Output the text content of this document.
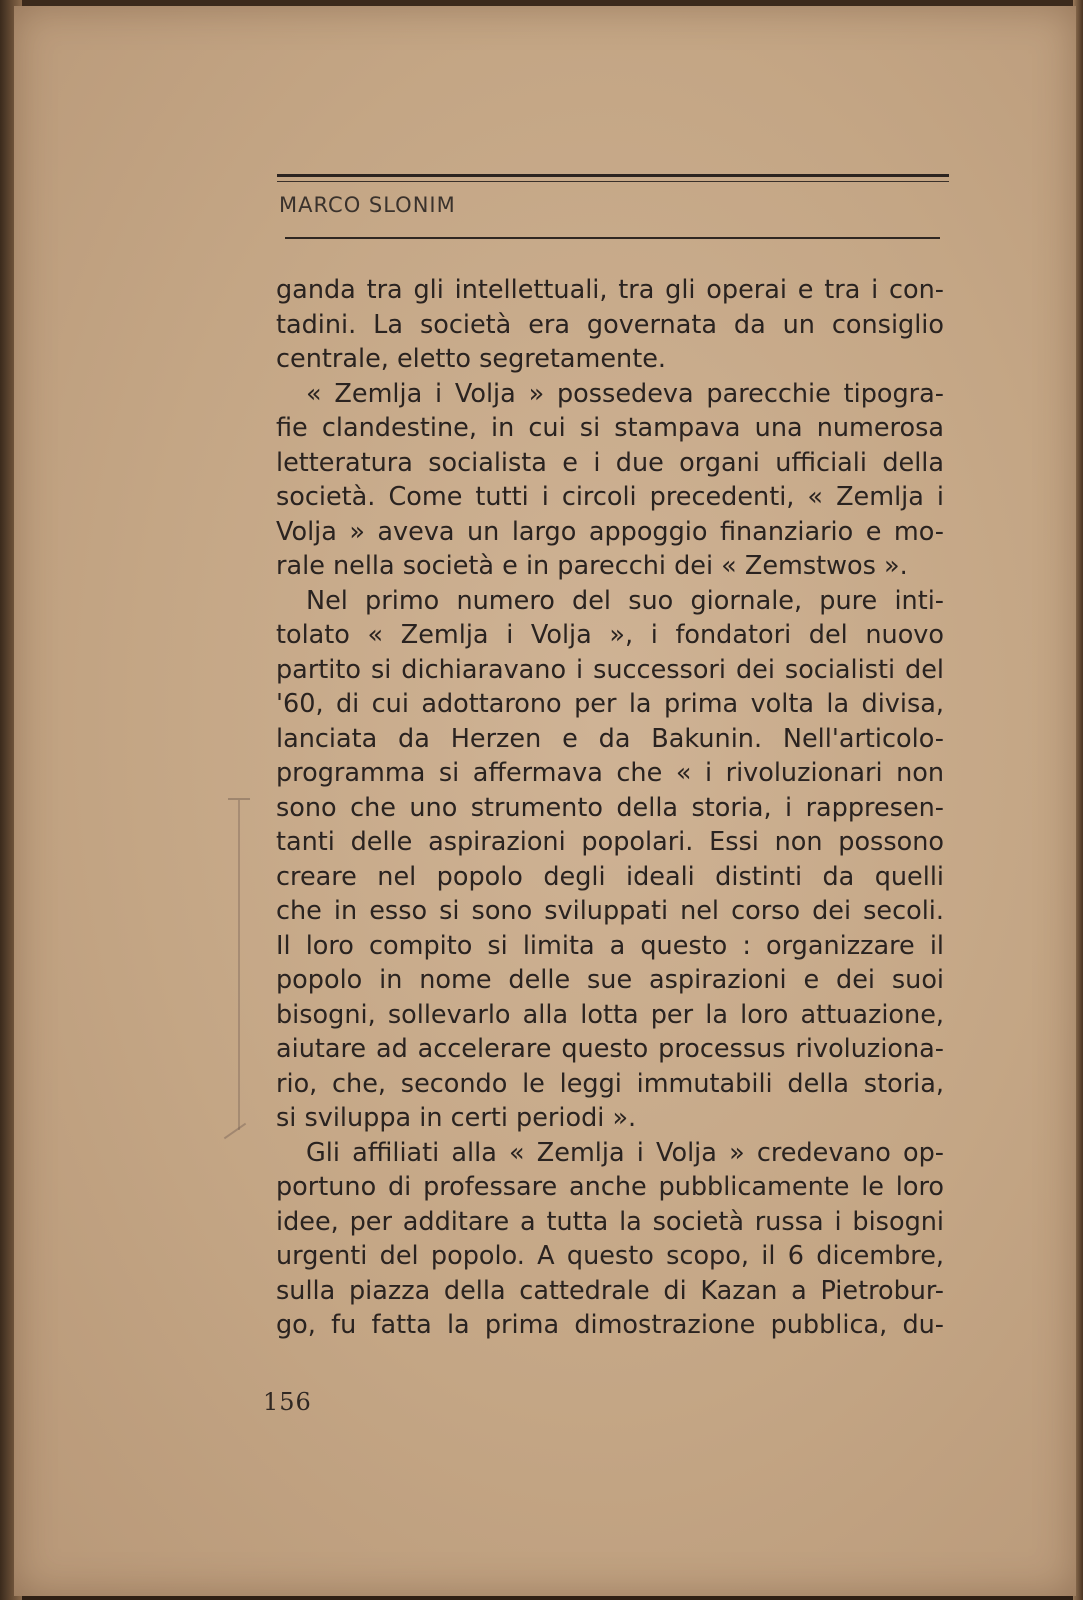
MARCO SLONIM
ganda tra gli intellettuali, tra gli operai e tra i con-
tadini. La società era governata da un consiglio
centrale, eletto segretamente.
« Zemlja i Volja » possedeva parecchie tipogra-
fie clandestine, in cui si stampava una numerosa
letteratura socialista e i due organi ufficiali della
società. Come tutti i circoli precedenti, « Zemlja i
Volja » aveva un largo appoggio finanziario e mo-
rale nella società e in parecchi dei « Zemstwos ».
Nel primo numero del suo giornale, pure inti-
tolato « Zemlja i Volja », i fondatori del nuovo
partito si dichiaravano i successori dei socialisti del
'60, di cui adottarono per la prima volta la divisa,
lanciata da Herzen e da Bakunin. Nell'articolo-
programma si affermava che « i rivoluzionari non
sono che uno strumento della storia, i rappresen-
tanti delle aspirazioni popolari. Essi non possono
creare nel popolo degli ideali distinti da quelli
che in esso si sono sviluppati nel corso dei secoli.
Il loro compito si limita a questo : organizzare il
popolo in nome delle sue aspirazioni e dei suoi
bisogni, sollevarlo alla lotta per la loro attuazione,
aiutare ad accelerare questo processus rivoluziona-
rio, che, secondo le leggi immutabili della storia,
si sviluppa in certi periodi ».
Gli affiliati alla « Zemlja i Volja » credevano op-
portuno di professare anche pubblicamente le loro
idee, per additare a tutta la società russa i bisogni
urgenti del popolo. A questo scopo, il 6 dicembre,
sulla piazza della cattedrale di Kazan a Pietrobur-
go, fu fatta la prima dimostrazione pubblica, du-
156
